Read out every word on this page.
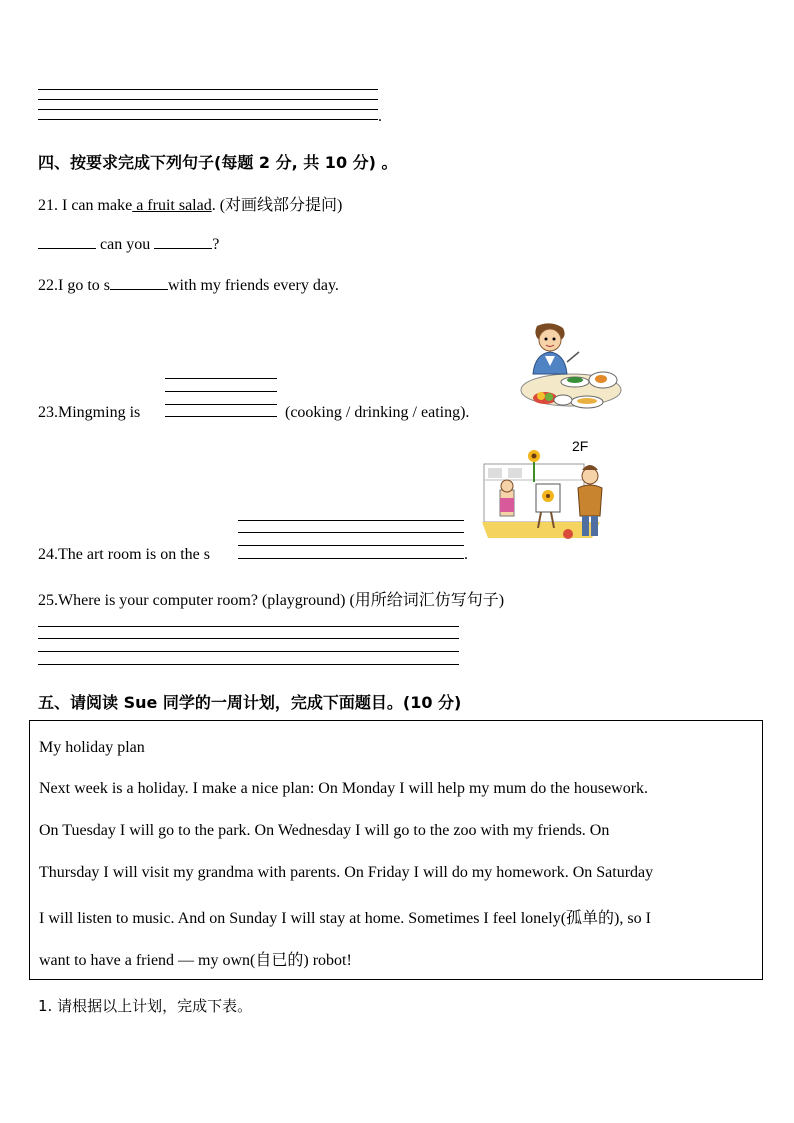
.
四、按要求完成下列句子(每题 2 分, 共 10 分) 。
21. I can make a fruit salad. (对画线部分提问)
can you	?
22.I go to s	with my friends every day.
23.Mingming is	(cooking / drinking / eating).
2F
24.The art room is on the s	.
25.Where is your computer room? (playground) (用所给词汇仿写句子)
五、请阅读 Sue 同学的一周计划，完成下面题目。(10 分)
My holiday plan
Next week is a holiday. I make a nice plan: On Monday I will help my mum do the housework.
On Tuesday I will go to the park. On Wednesday I will go to the zoo with my friends. On
Thursday I will visit my grandma with parents. On Friday I will do my homework. On Saturday
I will listen to music. And on Sunday I will stay at home. Sometimes I feel lonely(孤单的), so I
want to have a friend — my own(自已的) robot!
1. 请根据以上计划，完成下表。
